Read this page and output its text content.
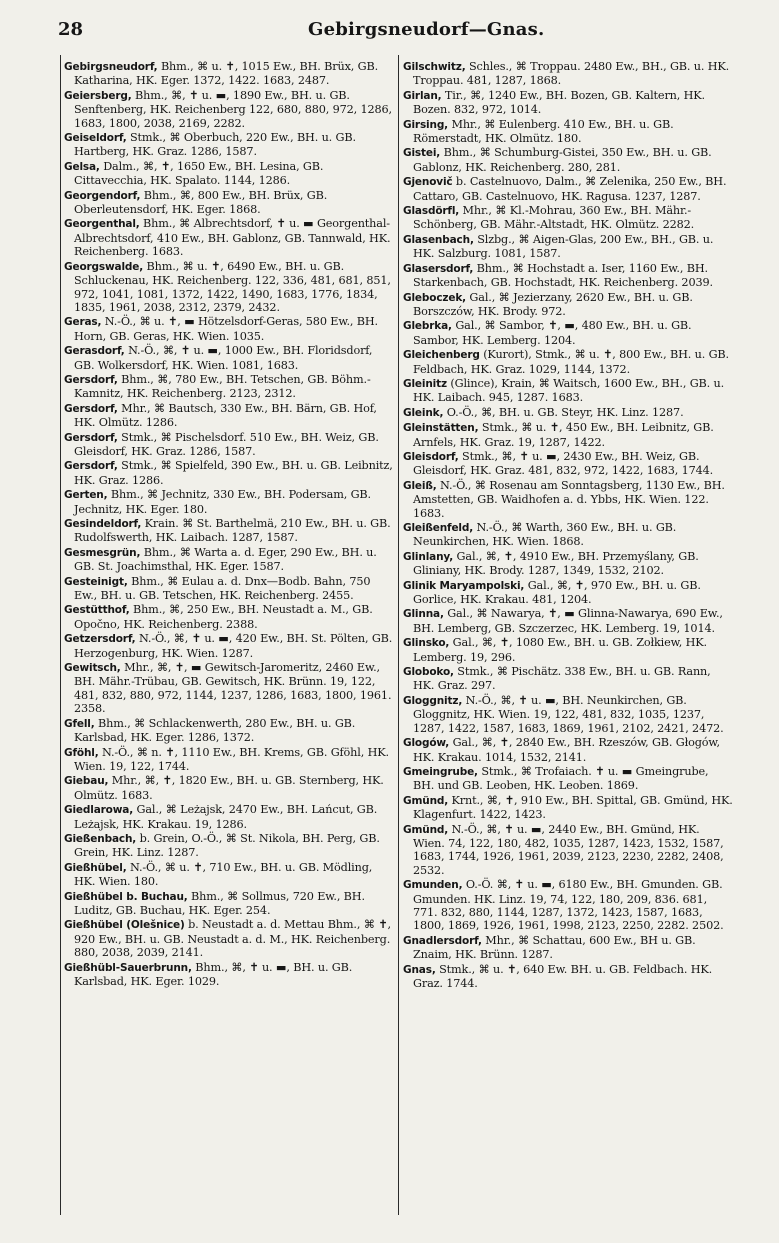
28	Gebirgsneudorf—Gnas.

Gebirgsneudorf, Bhm., ⌘ u. ✝, 1015 Ew., BH. Brüx, GB. Katharina, HK. Eger. 1372, 1422. 1683, 2487.

Geiersberg, Bhm., ⌘, ✝ u. ▬, 1890 Ew., BH. u. GB. Senftenberg, HK. Reichenberg 122, 680, 880, 972, 1286, 1683, 1800, 2038, 2169, 2282.

Geiseldorf, Stmk., ⌘ Oberbuch, 220 Ew., BH. u. GB. Hartberg, HK. Graz. 1286, 1587.

Gelsa, Dalm., ⌘, ✝, 1650 Ew., BH. Lesina, GB. Cittavecchia, HK. Spalato. 1144, 1286.

Georgendorf, Bhm., ⌘, 800 Ew., BH. Brüx, GB. Oberleutensdorf, HK. Eger. 1868.

Georgenthal, Bhm., ⌘ Albrechtsdorf, ✝ u. ▬ Georgenthal-Albrechtsdorf, 410 Ew., BH. Gablonz, GB. Tannwald, HK. Reichenberg. 1683.

Georgswalde, Bhm., ⌘ u. ✝, 6490 Ew., BH. u. GB. Schluckenau, HK. Reichenberg. 122, 336, 481, 681, 851, 972, 1041, 1081, 1372, 1422, 1490, 1683, 1776, 1834, 1835, 1961, 2038, 2312, 2379, 2432.

Geras, N.-Ö., ⌘ u. ✝, ▬ Hötzelsdorf-Geras, 580 Ew., BH. Horn, GB. Geras, HK. Wien. 1035.

Gerasdorf, N.-Ö., ⌘, ✝ u. ▬, 1000 Ew., BH. Floridsdorf, GB. Wolkersdorf, HK. Wien. 1081, 1683.

Gersdorf, Bhm., ⌘, 780 Ew., BH. Tetschen, GB. Böhm.-Kamnitz, HK. Reichenberg. 2123, 2312.

Gersdorf, Mhr., ⌘ Bautsch, 330 Ew., BH. Bärn, GB. Hof, HK. Olmütz. 1286.

Gersdorf, Stmk., ⌘ Pischelsdorf. 510 Ew., BH. Weiz, GB. Gleisdorf, HK. Graz. 1286, 1587.

Gersdorf, Stmk., ⌘ Spielfeld, 390 Ew., BH. u. GB. Leibnitz, HK. Graz. 1286.

Gerten, Bhm., ⌘ Jechnitz, 330 Ew., BH. Podersam, GB. Jechnitz, HK. Eger. 180.

Gesindeldorf, Krain. ⌘ St. Barthelmä, 210 Ew., BH. u. GB. Rudolfswerth, HK. Laibach. 1287, 1587.

Gesmesgrün, Bhm., ⌘ Warta a. d. Eger, 290 Ew., BH. u. GB. St. Joachimsthal, HK. Eger. 1587.

Gesteinigt, Bhm., ⌘ Eulau a. d. Dnx—Bodb. Bahn, 750 Ew., BH. u. GB. Tetschen, HK. Reichenberg. 2455.

Gestütthof, Bhm., ⌘, 250 Ew., BH. Neustadt a. M., GB. Opočno, HK. Reichenberg. 2388.

Getzersdorf, N.-Ö., ⌘, ✝ u. ▬, 420 Ew., BH. St. Pölten, GB. Herzogenburg, HK. Wien. 1287.

Gewitsch, Mhr., ⌘, ✝, ▬ Gewitsch-Jaromeritz, 2460 Ew., BH. Mähr.-Trübau, GB. Gewitsch, HK. Brünn. 19, 122, 481, 832, 880, 972, 1144, 1237, 1286, 1683, 1800, 1961. 2358.

Gfell, Bhm., ⌘ Schlackenwerth, 280 Ew., BH. u. GB. Karlsbad, HK. Eger. 1286, 1372.

Gföhl, N.-Ö., ⌘ n. ✝, 1110 Ew., BH. Krems, GB. Gföhl, HK. Wien. 19, 122, 1744.

Giebau, Mhr., ⌘, ✝, 1820 Ew., BH. u. GB. Sternberg, HK. Olmütz. 1683.

Giedlarowa, Gal., ⌘ Leżajsk, 2470 Ew., BH. Lańcut, GB. Leżajsk, HK. Krakau. 19, 1286.

Gießenbach, b. Grein, O.-Ö., ⌘ St. Nikola, BH. Perg, GB. Grein, HK. Linz. 1287.

Gießhübel, N.-Ö., ⌘ u. ✝, 710 Ew., BH. u. GB. Mödling, HK. Wien. 180.

Gießhübel b. Buchau, Bhm., ⌘ Sollmus, 720 Ew., BH. Luditz, GB. Buchau, HK. Eger. 254.

Gießhübel (Olešnice) b. Neustadt a. d. Mettau Bhm., ⌘ ✝, 920 Ew., BH. u. GB. Neustadt a. d. M., HK. Reichenberg. 880, 2038, 2039, 2141.

Gießhübl-Sauerbrunn, Bhm., ⌘, ✝ u. ▬, BH. u. GB. Karlsbad, HK. Eger. 1029.

Gilschwitz, Schles., ⌘ Troppau. 2480 Ew., BH., GB. u. HK. Troppau. 481, 1287, 1868.

Girlan, Tir., ⌘, 1240 Ew., BH. Bozen, GB. Kaltern, HK. Bozen. 832, 972, 1014.

Girsing, Mhr., ⌘ Eulenberg. 410 Ew., BH. u. GB. Römerstadt, HK. Olmütz. 180.

Gistei, Bhm., ⌘ Schumburg-Gistei, 350 Ew., BH. u. GB. Gablonz, HK. Reichenberg. 280, 281.

Gjenovič b. Castelnuovo, Dalm., ⌘ Zelenika, 250 Ew., BH. Cattaro, GB. Castelnuovo, HK. Ragusa. 1237, 1287.

Glasdörfl, Mhr., ⌘ Kl.-Mohrau, 360 Ew., BH. Mähr.-Schönberg, GB. Mähr.-Altstadt, HK. Olmütz. 2282.

Glasenbach, Slzbg., ⌘ Aigen-Glas, 200 Ew., BH., GB. u. HK. Salzburg. 1081, 1587.

Glasersdorf, Bhm., ⌘ Hochstadt a. Iser, 1160 Ew., BH. Starkenbach, GB. Hochstadt, HK. Reichenberg. 2039.

Gleboczek, Gal., ⌘ Jezierzany, 2620 Ew., BH. u. GB. Borszczów, HK. Brody. 972.

Glebrka, Gal., ⌘ Sambor, ✝, ▬, 480 Ew., BH. u. GB. Sambor, HK. Lemberg. 1204.

Gleichenberg (Kurort), Stmk., ⌘ u. ✝, 800 Ew., BH. u. GB. Feldbach, HK. Graz. 1029, 1144, 1372.

Gleinitz (Glince), Krain, ⌘ Waitsch, 1600 Ew., BH., GB. u. HK. Laibach. 945, 1287. 1683.

Gleink, O.-Ö., ⌘, BH. u. GB. Steyr, HK. Linz. 1287.

Gleinstätten, Stmk., ⌘ u. ✝, 450 Ew., BH. Leibnitz, GB. Arnfels, HK. Graz. 19, 1287, 1422.

Gleisdorf, Stmk., ⌘, ✝ u. ▬, 2430 Ew., BH. Weiz, GB. Gleisdorf, HK. Graz. 481, 832, 972, 1422, 1683, 1744.

Gleiß, N.-Ö., ⌘ Rosenau am Sonntagsberg, 1130 Ew., BH. Amstetten, GB. Waidhofen a. d. Ybbs, HK. Wien. 122. 1683.

Gleißenfeld, N.-Ö., ⌘ Warth, 360 Ew., BH. u. GB. Neunkirchen, HK. Wien. 1868.

Glinlany, Gal., ⌘, ✝, 4910 Ew., BH. Przemyślany, GB. Gliniany, HK. Brody. 1287, 1349, 1532, 2102.

Glinik Maryampolski, Gal., ⌘, ✝, 970 Ew., BH. u. GB. Gorlice, HK. Krakau. 481, 1204.

Glinna, Gal., ⌘ Nawarya, ✝, ▬ Glinna-Nawarya, 690 Ew., BH. Lemberg, GB. Szczerzec, HK. Lemberg. 19, 1014.

Glinsko, Gal., ⌘, ✝, 1080 Ew., BH. u. GB. Zołkiew, HK. Lemberg. 19, 296.

Globoko, Stmk., ⌘ Pischätz. 338 Ew., BH. u. GB. Rann, HK. Graz. 297.

Gloggnitz, N.-Ö., ⌘, ✝ u. ▬, BH. Neunkirchen, GB. Gloggnitz, HK. Wien. 19, 122, 481, 832, 1035, 1237, 1287, 1422, 1587, 1683, 1869, 1961, 2102, 2421, 2472.

Glogów, Gal., ⌘, ✝, 2840 Ew., BH. Rzeszów, GB. Głogów, HK. Krakau. 1014, 1532, 2141.

Gmeingrube, Stmk., ⌘ Trofaiach. ✝ u. ▬ Gmeingrube, BH. und GB. Leoben, HK. Leoben. 1869.

Gmünd, Krnt., ⌘, ✝, 910 Ew., BH. Spittal, GB. Gmünd, HK. Klagenfurt. 1422, 1423.

Gmünd, N.-Ö., ⌘, ✝ u. ▬, 2440 Ew., BH. Gmünd, HK. Wien. 74, 122, 180, 482, 1035, 1287, 1423, 1532, 1587, 1683, 1744, 1926, 1961, 2039, 2123, 2230, 2282, 2408, 2532.

Gmunden, O.-Ö. ⌘, ✝ u. ▬, 6180 Ew., BH. Gmunden. GB. Gmunden. HK. Linz. 19, 74, 122, 180, 209, 836. 681, 771. 832, 880, 1144, 1287, 1372, 1423, 1587, 1683, 1800, 1869, 1926, 1961, 1998, 2123, 2250, 2282. 2502.

Gnadlersdorf, Mhr., ⌘ Schattau, 600 Ew., BH u. GB. Znaim, HK. Brünn. 1287.

Gnas, Stmk., ⌘ u. ✝, 640 Ew. BH. u. GB. Feldbach. HK. Graz. 1744.
